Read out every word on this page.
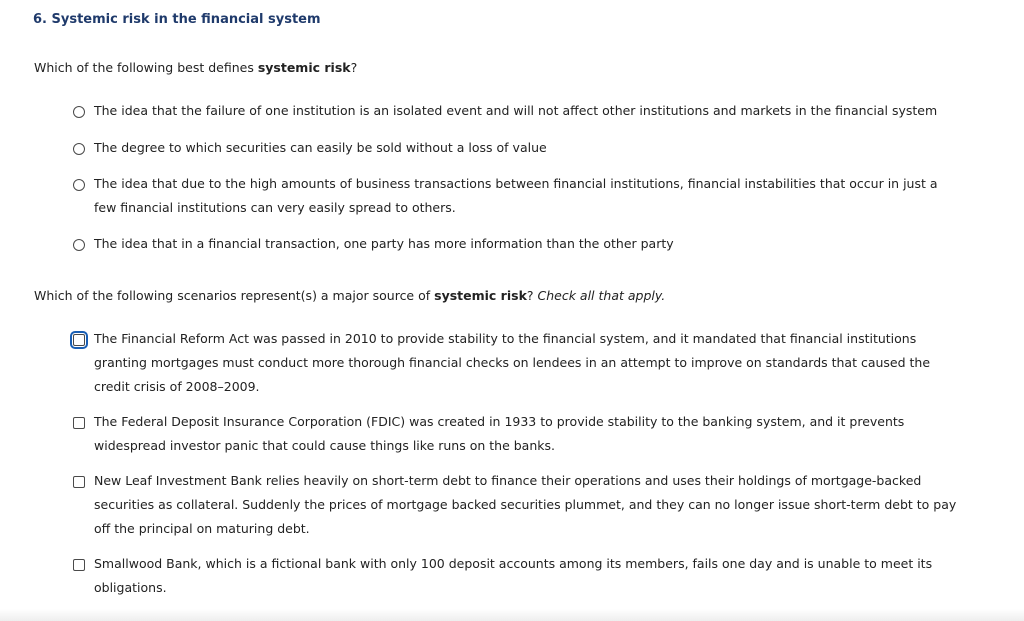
6. Systemic risk in the financial system

Which of the following best defines systemic risk?

The idea that the failure of one institution is an isolated event and will not affect other institutions and markets in the financial system
The degree to which securities can easily be sold without a loss of value
The idea that due to the high amounts of business transactions between financial institutions, financial instabilities that occur in just a few financial institutions can very easily spread to others.
The idea that in a financial transaction, one party has more information than the other party

Which of the following scenarios represent(s) a major source of systemic risk? Check all that apply.

The Financial Reform Act was passed in 2010 to provide stability to the financial system, and it mandated that financial institutions granting mortgages must conduct more thorough financial checks on lendees in an attempt to improve on standards that caused the credit crisis of 2008–2009.
The Federal Deposit Insurance Corporation (FDIC) was created in 1933 to provide stability to the banking system, and it prevents widespread investor panic that could cause things like runs on the banks.
New Leaf Investment Bank relies heavily on short-term debt to finance their operations and uses their holdings of mortgage-backed securities as collateral. Suddenly the prices of mortgage backed securities plummet, and they can no longer issue short-term debt to pay off the principal on maturing debt.
Smallwood Bank, which is a fictional bank with only 100 deposit accounts among its members, fails one day and is unable to meet its obligations.
